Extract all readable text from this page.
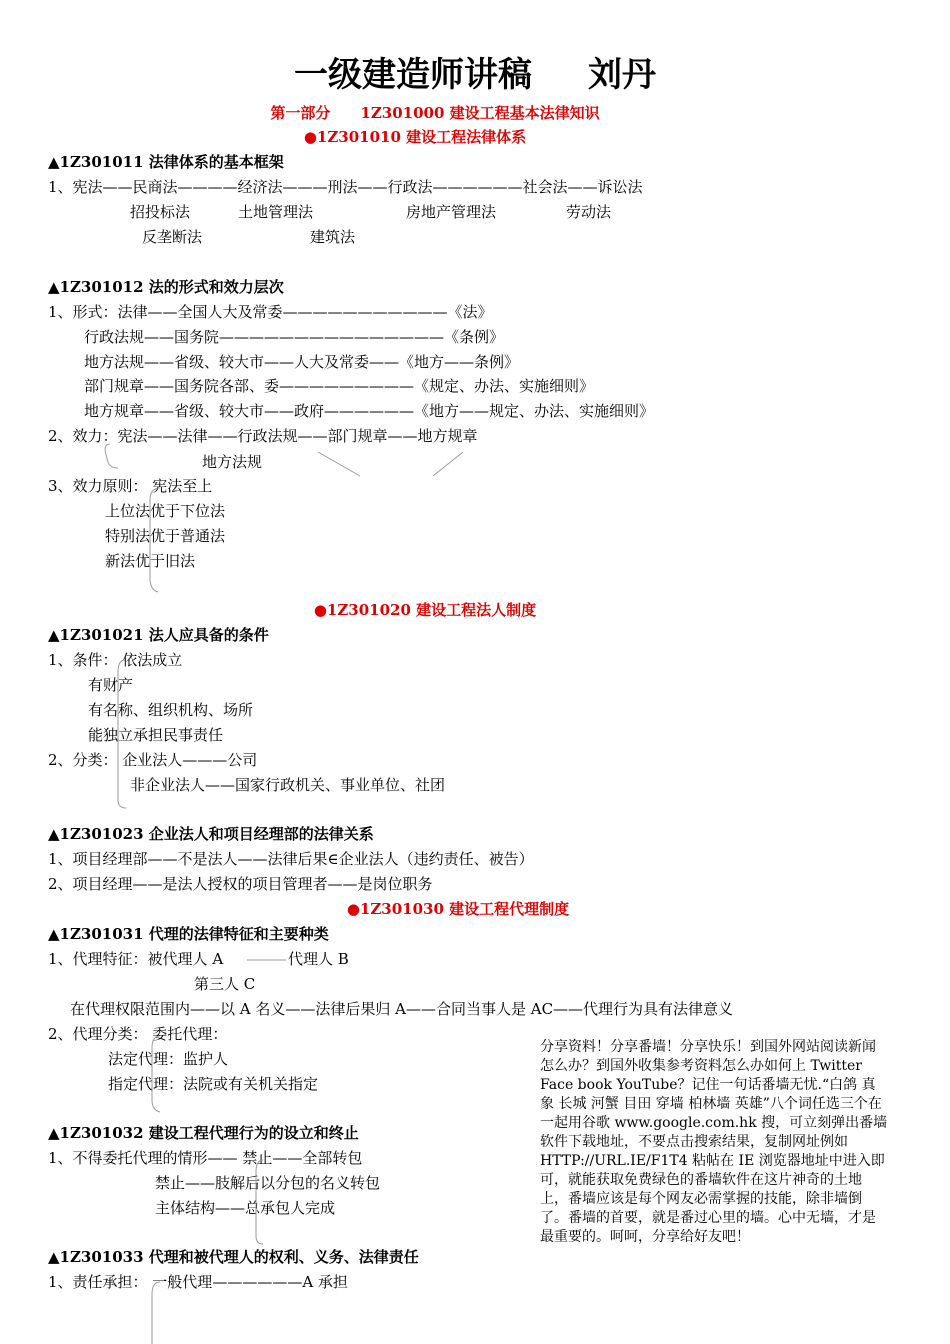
一级建造师讲稿 刘丹
第一部分　　1Z301000 建设工程基本法律知识
●1Z301010 建设工程法律体系
▲1Z301011 法律体系的基本框架
1、宪法——民商法————经济法———刑法——行政法——————社会法——诉讼法
招投标法	土地管理法	房地产管理法	劳动法
反垄断法	建筑法
▲1Z301012 法的形式和效力层次
1、形式：法律——全国人大及常委———————————《法》
行政法规——国务院———————————————《条例》
地方法规——省级、较大市——人大及常委——《地方——条例》
部门规章——国务院各部、委—————————《规定、办法、实施细则》
地方规章——省级、较大市——政府——————《地方——规定、办法、实施细则》
2、效力：宪法——法律——行政法规——部门规章——地方规章
地方法规
3、效力原则： 宪法至上
上位法优于下位法
特别法优于普通法
新法优于旧法
●1Z301020 建设工程法人制度
▲1Z301021 法人应具备的条件
1、条件： 依法成立
有财产
有名称、组织机构、场所
能独立承担民事责任
2、分类： 企业法人———公司
非企业法人——国家行政机关、事业单位、社团
▲1Z301023 企业法人和项目经理部的法律关系
1、项目经理部——不是法人——法律后果∈企业法人（违约责任、被告）
2、项目经理——是法人授权的项目管理者——是岗位职务
●1Z301030 建设工程代理制度
▲1Z301031 代理的法律特征和主要种类
1、代理特征：被代理人 A	代理人 B
第三人 C
在代理权限范围内——以 A 名义——法律后果归 A——合同当事人是 AC——代理行为具有法律意义
2、代理分类： 委托代理：
法定代理：监护人
指定代理：法院或有关机关指定
▲1Z301032 建设工程代理行为的设立和终止
1、不得委托代理的情形—— 禁止——全部转包
禁止——肢解后以分包的名义转包
主体结构——总承包人完成
▲1Z301033 代理和被代理人的权利、义务、法律责任
1、责任承担： 一般代理——————A 承担
分享资料！分享番墙！分享快乐！到国外网站阅读新闻怎么办？到国外收集参考资料怎么办如何上 Twitter Face book YouTube？记住一句话番墙无忧.“白鸽 真象 长城 河蟹 目田 穿墙 柏林墙 英雄”八个词任选三个在一起用谷歌 www.google.com.hk 搜，可立刻弹出番墙软件下载地址，不要点击搜索结果，复制网址例如 HTTP://URL.IE/F1T4 粘帖在 IE 浏览器地址中进入即可，就能获取免费绿色的番墙软件在这片神奇的土地上，番墙应该是每个网友必需掌握的技能，除非墙倒了。番墙的首要，就是番过心里的墙。心中无墙，才是最重要的。呵呵，分享给好友吧！
